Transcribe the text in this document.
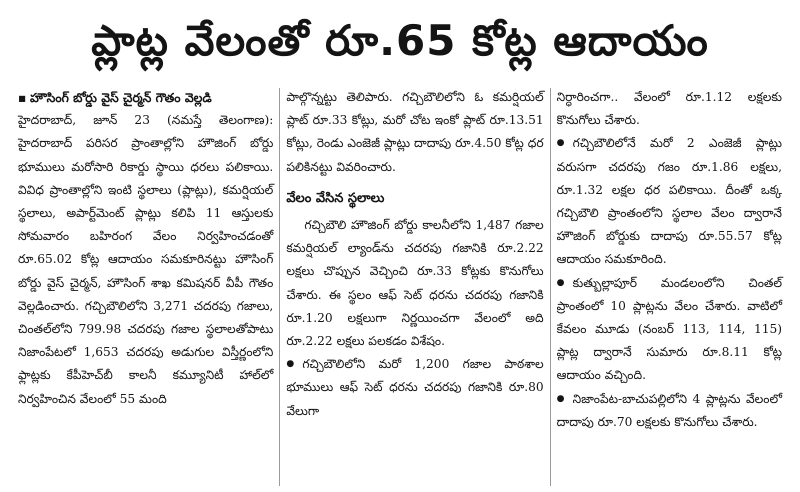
ప్లాట్ల వేలంతో రూ.65 కోట్ల ఆదాయం

▪ హౌసింగ్ బోర్డు వైస్ చైర్మన్ గౌతం వెల్లడి

హైదరాబాద్, జూన్ 23 (నమస్తే తెలంగాణ): హైదరాబాద్ పరిసర ప్రాంతాల్లోని హౌజింగ్ బోర్డు భూములు మరోసారి రికార్డు స్థాయి ధరలు పలికాయి. వివిధ ప్రాంతాల్లోని ఇంటి స్థలాలు (ప్లాట్లు), కమర్షియల్ స్థలాలు, అపార్ట్‌మెంట్ ప్లాట్లు కలిపి 11 ఆస్తులకు సోమవారం బహిరంగ వేలం నిర్వహించడంతో రూ.65.02 కోట్ల ఆదాయం సమకూరినట్టు హౌసింగ్ బోర్డు వైస్ చైర్మన్, హౌసింగ్ శాఖ కమిషనర్ వీపీ గౌతం వెల్లడించారు. గచ్చిబౌలిలోని 3,271 చదరపు గజాలు, చింతల్‌లోని 799.98 చదరపు గజాల స్థలాలతోపాటు నిజాంపేటలో 1,653 చదరపు అడుగుల విస్తీర్ణంలోని ఫ్లాట్లకు కేపీహెచ్‌బీ కాలనీ కమ్యూనిటీ హాల్‌లో నిర్వహించిన వేలంలో 55 మంది

పాల్గొన్నట్టు తెలిపారు. గచ్చిబౌలిలోని ఓ కమర్షియల్ ప్లాట్ రూ.33 కోట్లు, మరో చోట ఇంకో ప్లాట్ రూ.13.51 కోట్లు, రెండు ఎంజెజీ ప్లాట్లు దాదాపు రూ.4.50 కోట్ల ధర పలికినట్టు వివరించారు.

వేలం వేసిన స్థలాలు

గచ్చిబౌలి హౌజింగ్ బోర్డు కాలనీలోని 1,487 గజాల కమర్షియల్ ల్యాండ్‌ను చదరపు గజానికి రూ.2.22 లక్షలు చొప్పున వెచ్చించి రూ.33 కోట్లకు కొనుగోలు చేశారు. ఈ స్థలం ఆఫ్ సెట్ ధరను చదరపు గజానికి రూ.1.20 లక్షలుగా నిర్ణయించగా వేలంలో అది రూ.2.22 లక్షలు పలకడం విశేషం.

● గచ్చిబౌలిలోని మరో 1,200 గజాల పాఠశాల భూములు ఆఫ్ సెట్ ధరను చదరపు గజానికి రూ.80 వేలుగా

నిర్ధారించగా.. వేలంలో రూ.1.12 లక్షలకు కొనుగోలు చేశారు.

● గచ్చిబౌలిలోనే మరో 2 ఎంజెజీ ప్లాట్లు వరుసగా చదరపు గజం రూ.1.86 లక్షలు, రూ.1.32 లక్షల ధర పలికాయి. దీంతో ఒక్క గచ్చిబౌలి ప్రాంతంలోని స్థలాల వేలం ద్వారానే హౌజింగ్ బోర్డుకు దాదాపు రూ.55.57 కోట్ల ఆదాయం సమకూరింది.

● కుత్బుల్లాపూర్ మండలంలోని చింతల్ ప్రాంతంలో 10 ప్లాట్లను వేలం చేశారు. వాటిలో కేవలం మూడు (నంబర్ 113, 114, 115) ప్లాట్ల ద్వారానే సుమారు రూ.8.11 కోట్ల ఆదాయం వచ్చింది.

● నిజాంపేట-బాచుపల్లిలోని 4 ప్లాట్లను వేలంలో దాదాపు రూ.70 లక్షలకు కొనుగోలు చేశారు.
